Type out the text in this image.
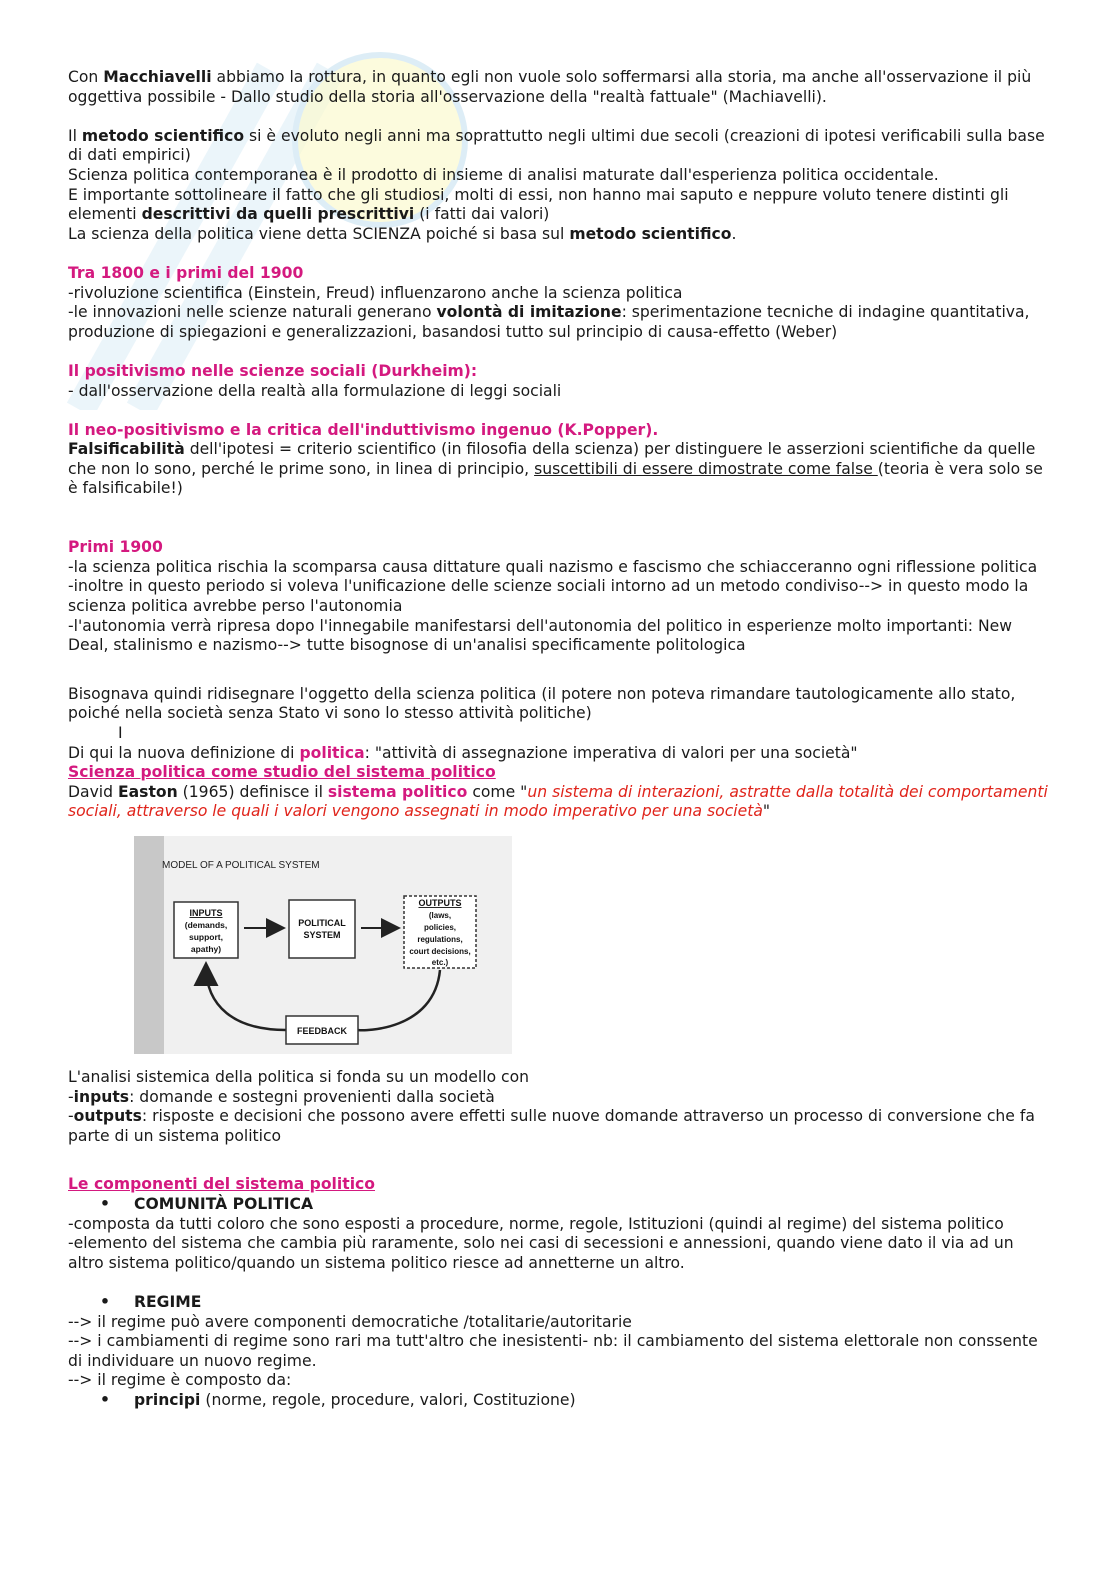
Con Macchiavelli abbiamo la rottura, in quanto egli non vuole solo soffermarsi alla storia, ma anche all'osservazione il più oggettiva possibile - Dallo studio della storia all'osservazione della "realtà fattuale" (Machiavelli).

Il metodo scientifico si è evoluto negli anni ma soprattutto negli ultimi due secoli (creazioni di ipotesi verificabili sulla base di dati empirici)

Scienza politica contemporanea è il prodotto di insieme di analisi maturate dall'esperienza politica occidentale.

E importante sottolineare il fatto che gli studiosi, molti di essi, non hanno mai saputo e neppure voluto tenere distinti gli elementi descrittivi da quelli prescrittivi (i fatti dai valori)

La scienza della politica viene detta SCIENZA poiché si basa sul metodo scientifico.

Tra 1800 e i primi del 1900

-rivoluzione scientifica (Einstein, Freud) influenzarono anche la scienza politica

-le innovazioni nelle scienze naturali generano volontà di imitazione: sperimentazione tecniche di indagine quantitativa, produzione di spiegazioni e generalizzazioni, basandosi tutto sul principio di causa-effetto (Weber)

Il positivismo nelle scienze sociali (Durkheim):

- dall'osservazione della realtà alla formulazione di leggi sociali

Il neo-positivismo e la critica dell'induttivismo ingenuo (K.Popper).

Falsificabilità dell'ipotesi = criterio scientifico (in filosofia della scienza) per distinguere le asserzioni scientifiche da quelle che non lo sono, perché le prime sono, in linea di principio, suscettibili di essere dimostrate come false (teoria è vera solo se è falsificabile!)

Primi 1900

-la scienza politica rischia la scomparsa causa dittature quali nazismo e fascismo che schiacceranno ogni riflessione politica

-inoltre in questo periodo si voleva l'unificazione delle scienze sociali intorno ad un metodo condiviso--> in questo modo la scienza politica avrebbe perso l'autonomia

-l'autonomia verrà ripresa dopo l'innegabile manifestarsi dell'autonomia del politico in esperienze molto importanti: New Deal, stalinismo e nazismo--> tutte bisognose di un'analisi specificamente politologica

Bisognava quindi ridisegnare l'oggetto della scienza politica (il potere non poteva rimandare tautologicamente allo stato, poiché nella società senza Stato vi sono lo stesso attività politiche)

I

Di qui la nuova definizione di politica: "attività di assegnazione imperativa di valori per una società"

Scienza politica come studio del sistema politico

David Easton (1965) definisce il sistema politico come "un sistema di interazioni, astratte dalla totalità dei comportamenti sociali, attraverso le quali i valori vengono assegnati in modo imperativo per una società"

MODEL OF A POLITICAL SYSTEM
INPUTS
(demands,
support,
apathy)
POLITICAL
SYSTEM
OUTPUTS
(laws,
policies,
regulations,
court decisions,
etc.)
FEEDBACK

L'analisi sistemica della politica si fonda su un modello con

-inputs: domande e sostegni provenienti dalla società

-outputs: risposte e decisioni che possono avere effetti sulle nuove domande attraverso un processo di conversione che fa parte di un sistema politico

Le componenti del sistema politico

• COMUNITÀ POLITICA

-composta da tutti coloro che sono esposti a procedure, norme, regole, Istituzioni (quindi al regime) del sistema politico

-elemento del sistema che cambia più raramente, solo nei casi di secessioni e annessioni, quando viene dato il via ad un altro sistema politico/quando un sistema politico riesce ad annetterne un altro.

• REGIME

--> il regime può avere componenti democratiche /totalitarie/autoritarie

--> i cambiamenti di regime sono rari ma tutt'altro che inesistenti- nb: il cambiamento del sistema elettorale non conssente di individuare un nuovo regime.

--> il regime è composto da:

• principi (norme, regole, procedure, valori, Costituzione)
